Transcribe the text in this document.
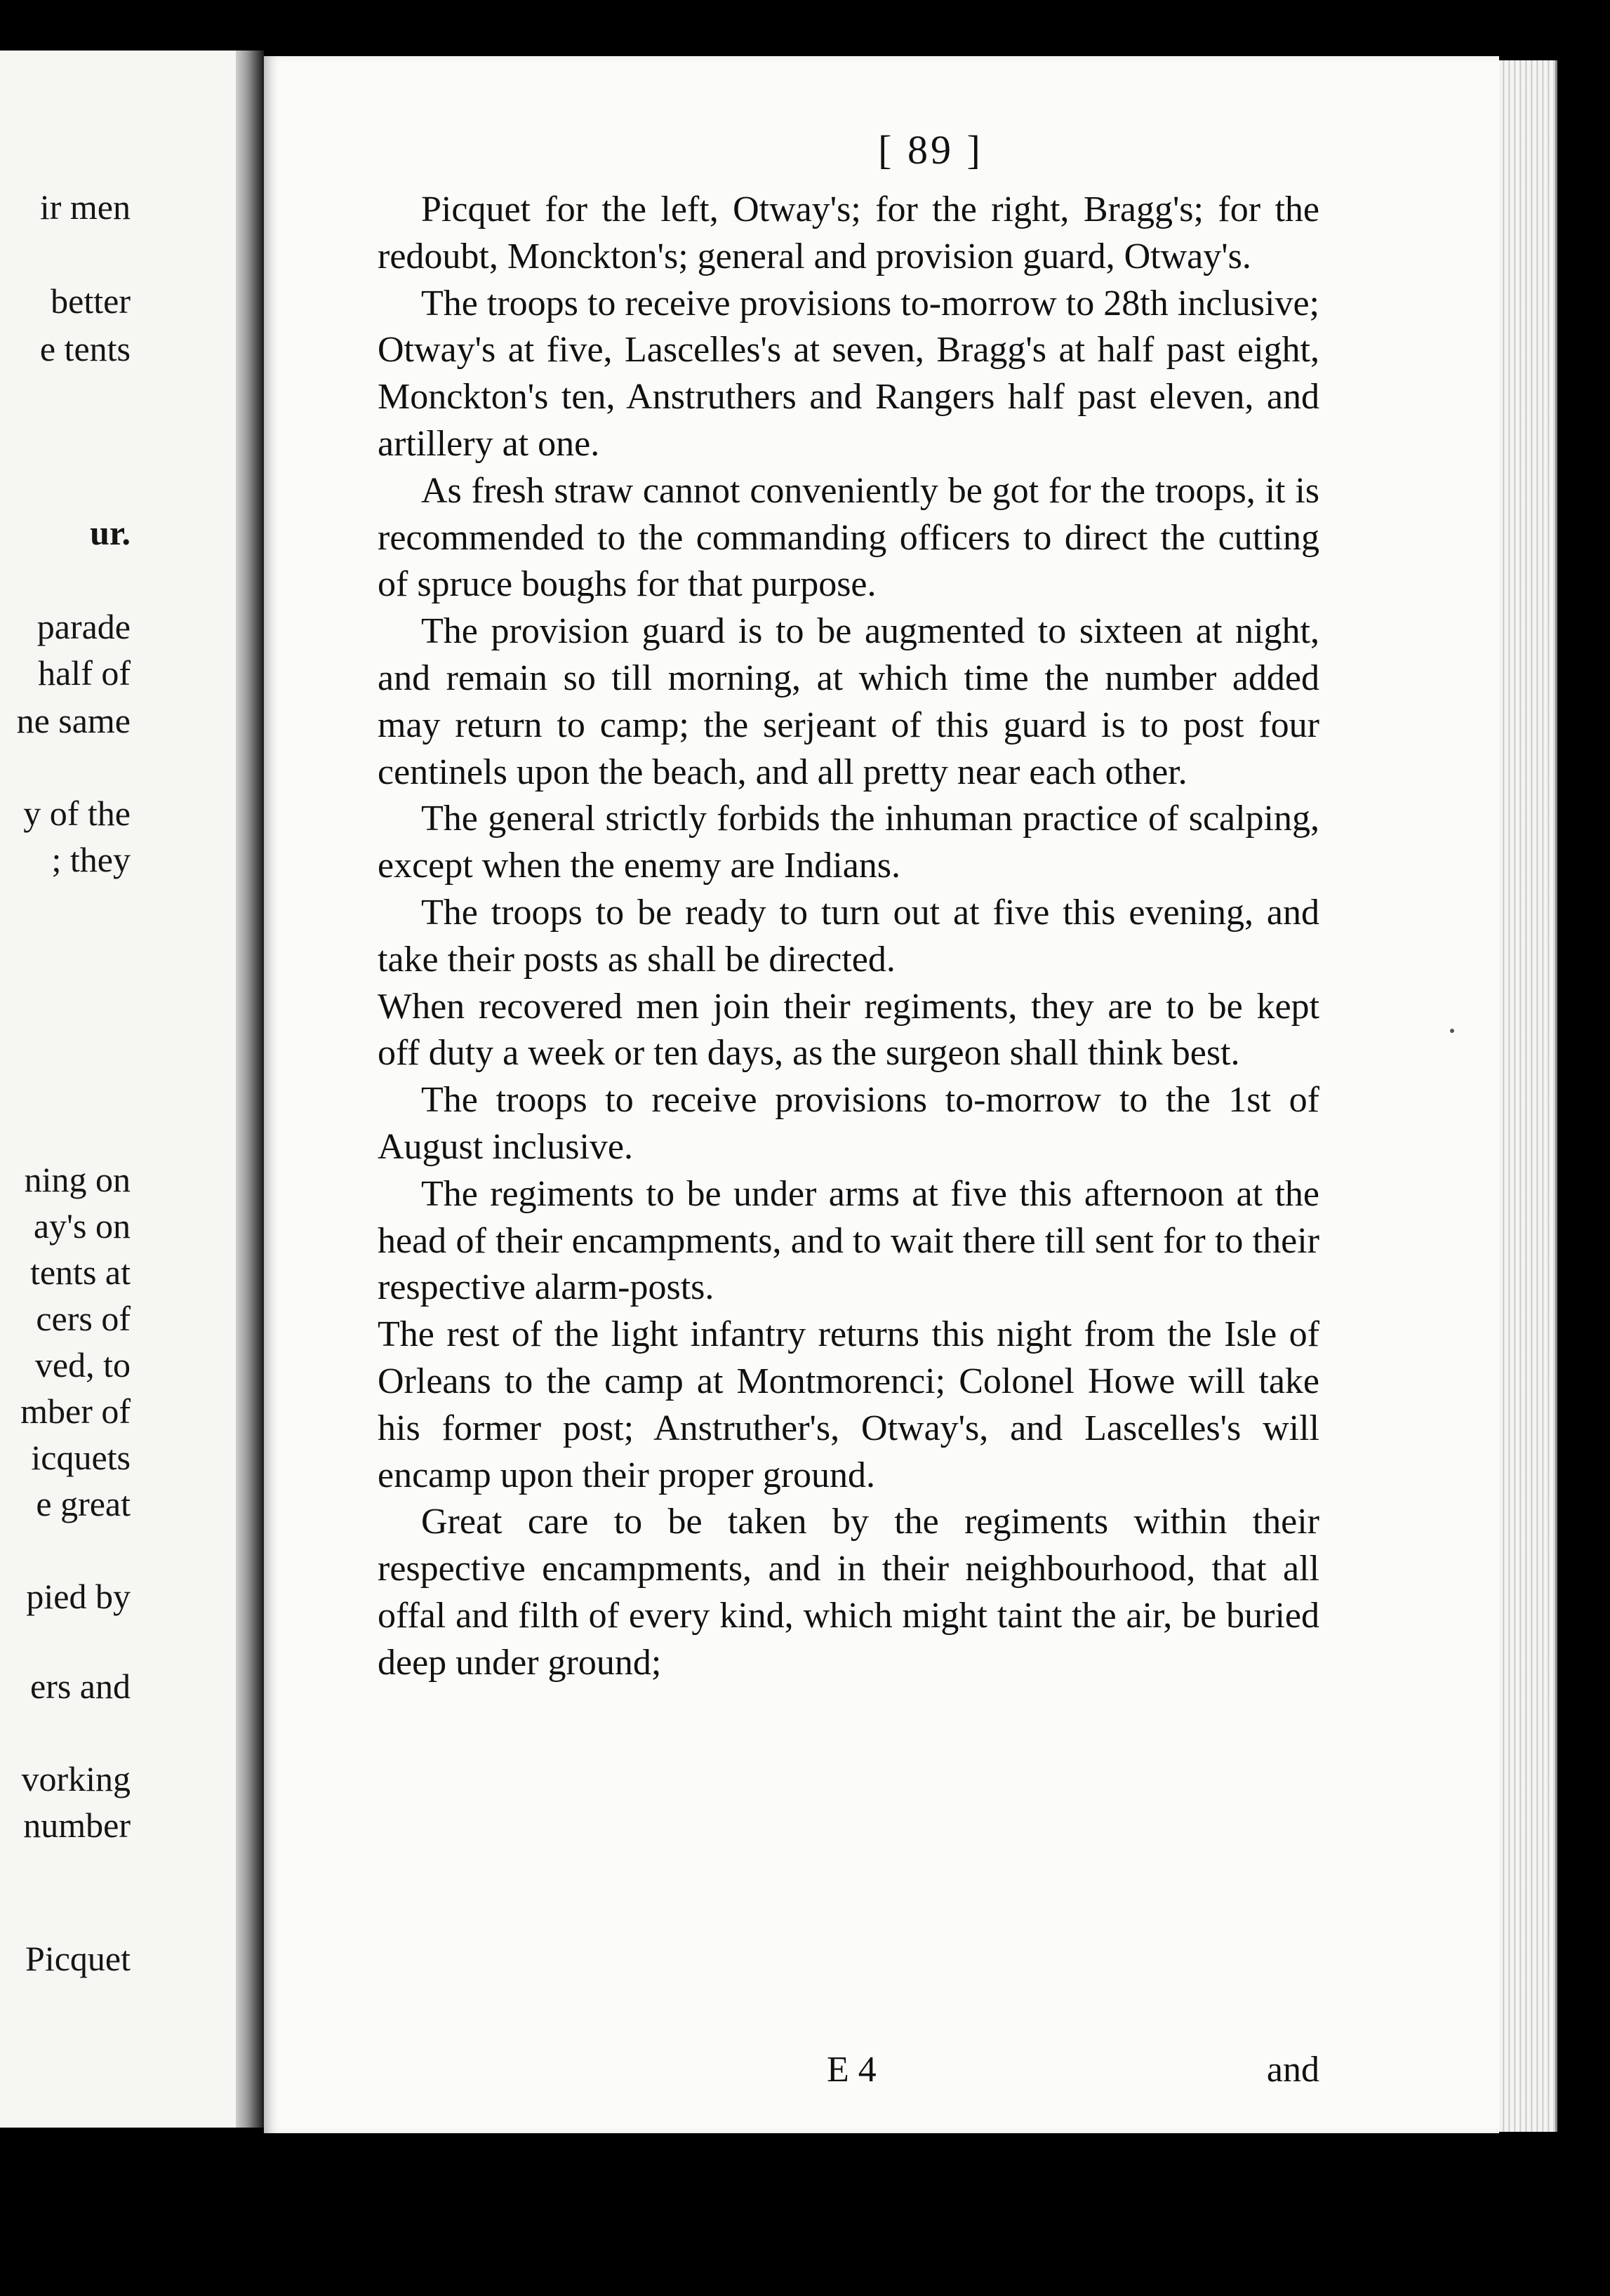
ir men
better
e tents
ur.
parade
half of
ne same
y of the
; they
ning on
ay's on
tents at
cers of
ved, to
mber of
icquets
e great
pied by
ers and
vorking
number
Picquet
[ 89 ]

Picquet for the left, Otway's; for the right, Bragg's; for the redoubt, Monckton's; general and provision guard, Otway's.

The troops to receive provisions to-morrow to 28th inclusive; Otway's at five, Lascelles's at seven, Bragg's at half past eight, Monckton's ten, Anstruthers and Rangers half past eleven, and artillery at one.

As fresh straw cannot conveniently be got for the troops, it is recommended to the commanding officers to direct the cutting of spruce boughs for that purpose.

The provision guard is to be augmented to sixteen at night, and remain so till morning, at which time the number added may return to camp; the serjeant of this guard is to post four centinels upon the beach, and all pretty near each other.

The general strictly forbids the inhuman practice of scalping, except when the enemy are Indians.

The troops to be ready to turn out at five this evening, and take their posts as shall be directed.

When recovered men join their regiments, they are to be kept off duty a week or ten days, as the surgeon shall think best.

The troops to receive provisions to-morrow to the 1st of August inclusive.

The regiments to be under arms at five this afternoon at the head of their encampments, and to wait there till sent for to their respective alarm-posts.

The rest of the light infantry returns this night from the Isle of Orleans to the camp at Montmorenci; Colonel Howe will take his former post; Anstruther's, Otway's, and Lascelles's will encamp upon their proper ground.

Great care to be taken by the regiments within their respective encampments, and in their neighbourhood, that all offal and filth of every kind, which might taint the air, be buried deep under ground;

E 4	and
